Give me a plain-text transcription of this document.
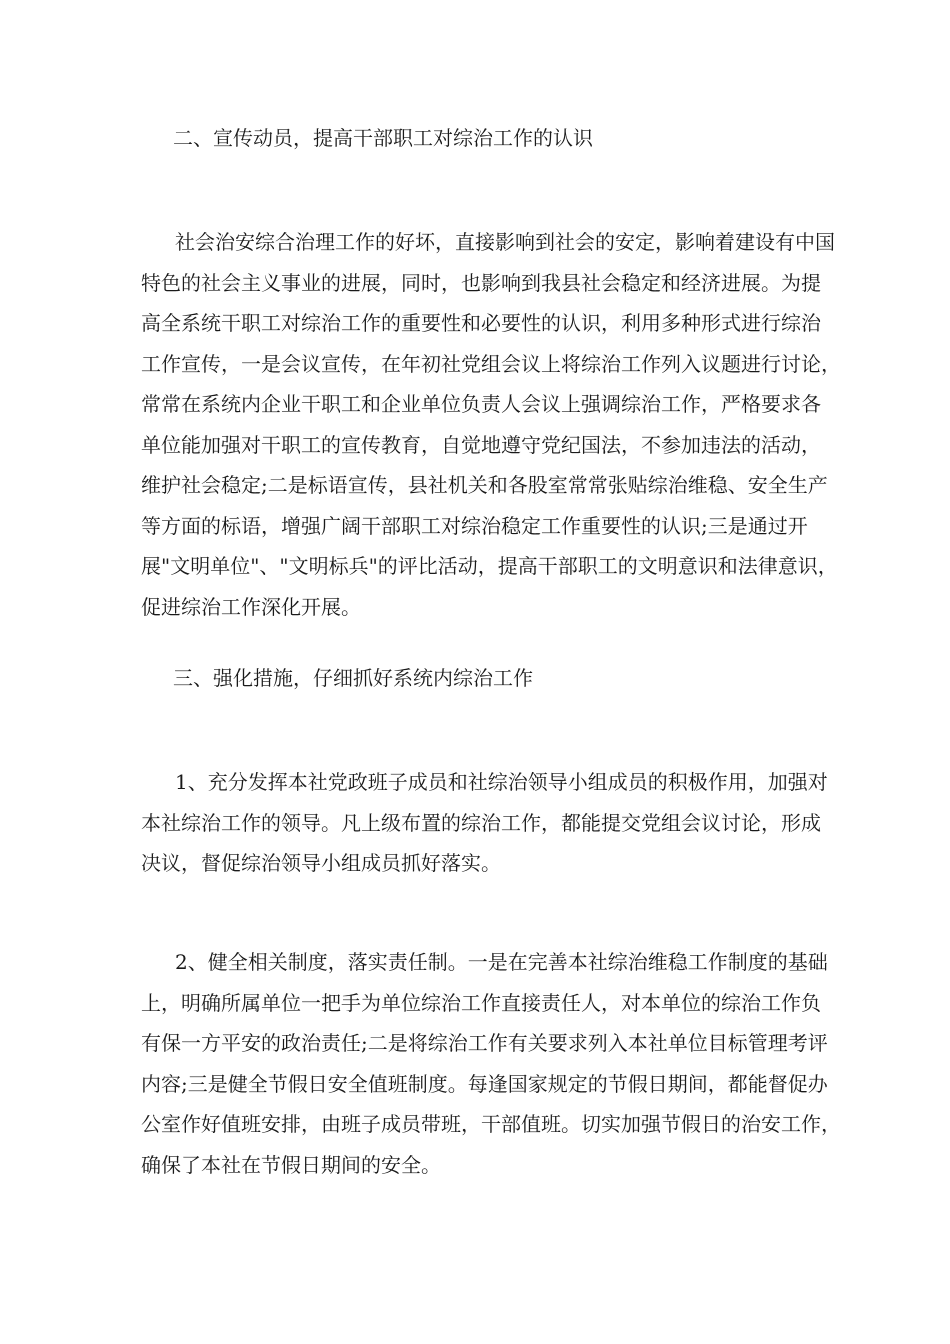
二、宣传动员，提高干部职工对综治工作的认识
社会治安综合治理工作的好坏，直接影响到社会的安定，影响着建设有中国
特色的社会主义事业的进展，同时，也影响到我县社会稳定和经济进展。为提
高全系统干职工对综治工作的重要性和必要性的认识，利用多种形式进行综治
工作宣传，一是会议宣传，在年初社党组会议上将综治工作列入议题进行讨论，
常常在系统内企业干职工和企业单位负责人会议上强调综治工作，严格要求各
单位能加强对干职工的宣传教育，自觉地遵守党纪国法，不参加违法的活动，
维护社会稳定;二是标语宣传，县社机关和各股室常常张贴综治维稳、安全生产
等方面的标语，增强广阔干部职工对综治稳定工作重要性的认识;三是通过开
展"文明单位"、"文明标兵"的评比活动，提高干部职工的文明意识和法律意识，
促进综治工作深化开展。
三、强化措施，仔细抓好系统内综治工作
1、充分发挥本社党政班子成员和社综治领导小组成员的积极作用，加强对
本社综治工作的领导。凡上级布置的综治工作，都能提交党组会议讨论，形成
决议，督促综治领导小组成员抓好落实。
2、健全相关制度，落实责任制。一是在完善本社综治维稳工作制度的基础
上，明确所属单位一把手为单位综治工作直接责任人，对本单位的综治工作负
有保一方平安的政治责任;二是将综治工作有关要求列入本社单位目标管理考评
内容;三是健全节假日安全值班制度。每逢国家规定的节假日期间，都能督促办
公室作好值班安排，由班子成员带班，干部值班。切实加强节假日的治安工作，
确保了本社在节假日期间的安全。
